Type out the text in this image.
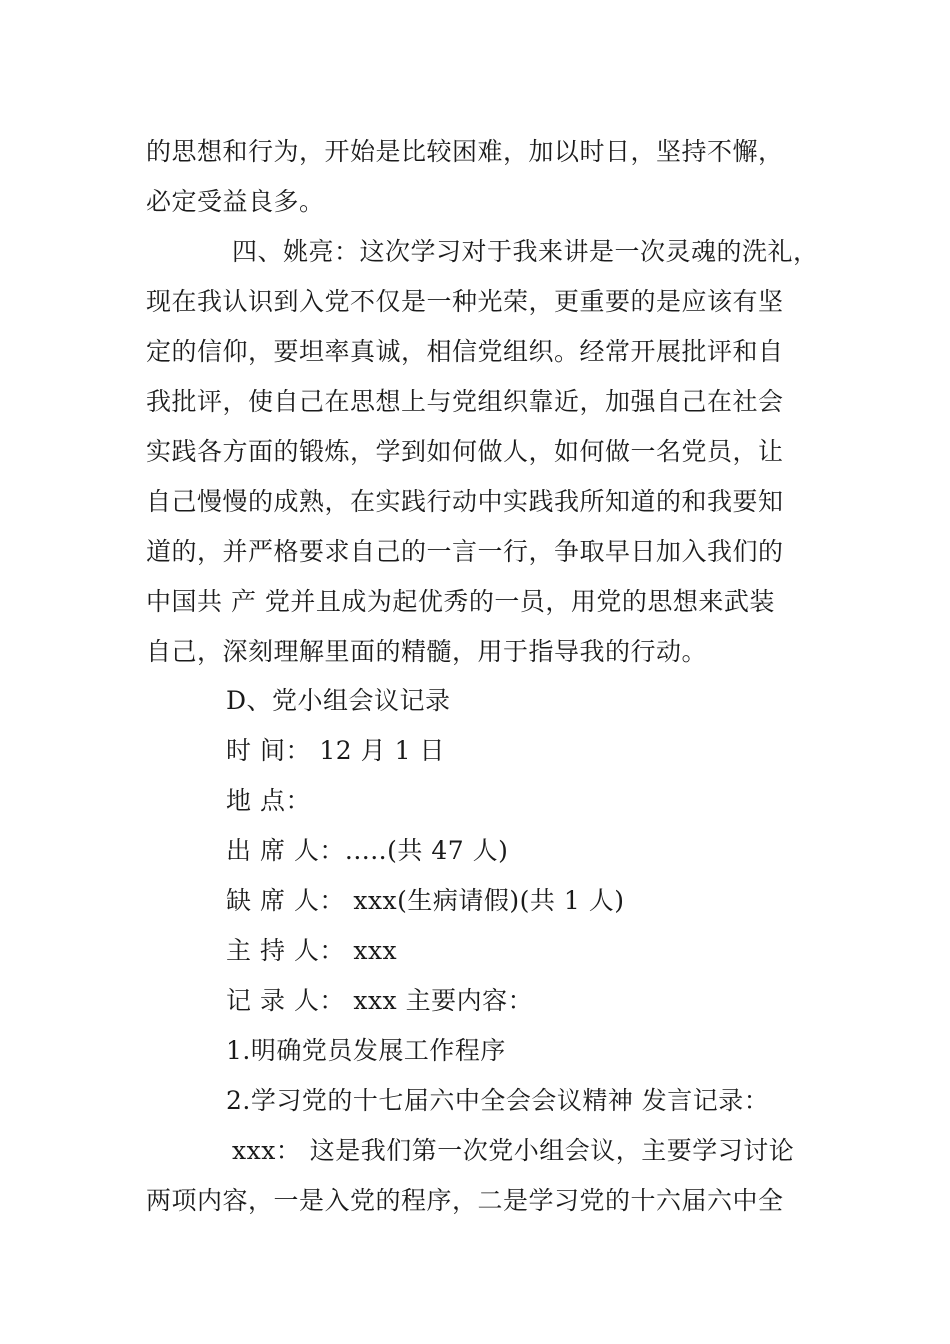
的思想和行为，开始是比较困难，加以时日，坚持不懈，
必定受益良多。
四、姚亮：这次学习对于我来讲是一次灵魂的洗礼，
现在我认识到入党不仅是一种光荣，更重要的是应该有坚
定的信仰，要坦率真诚，相信党组织。经常开展批评和自
我批评，使自己在思想上与党组织靠近，加强自己在社会
实践各方面的锻炼，学到如何做人，如何做一名党员，让
自己慢慢的成熟，在实践行动中实践我所知道的和我要知
道的，并严格要求自己的一言一行，争取早日加入我们的
中国共 产 党并且成为起优秀的一员，用党的思想来武装
自己，深刻理解里面的精髓，用于指导我的行动。
D、党小组会议记录
时 间： 12 月 1 日
地 点：
出 席 人：.....(共 47 人)
缺 席 人： xxx(生病请假)(共 1 人)
主 持 人： xxx
记 录 人： xxx 主要内容：
1.明确党员发展工作程序
2.学习党的十七届六中全会会议精神 发言记录：
xxx： 这是我们第一次党小组会议，主要学习讨论
两项内容，一是入党的程序，二是学习党的十六届六中全
